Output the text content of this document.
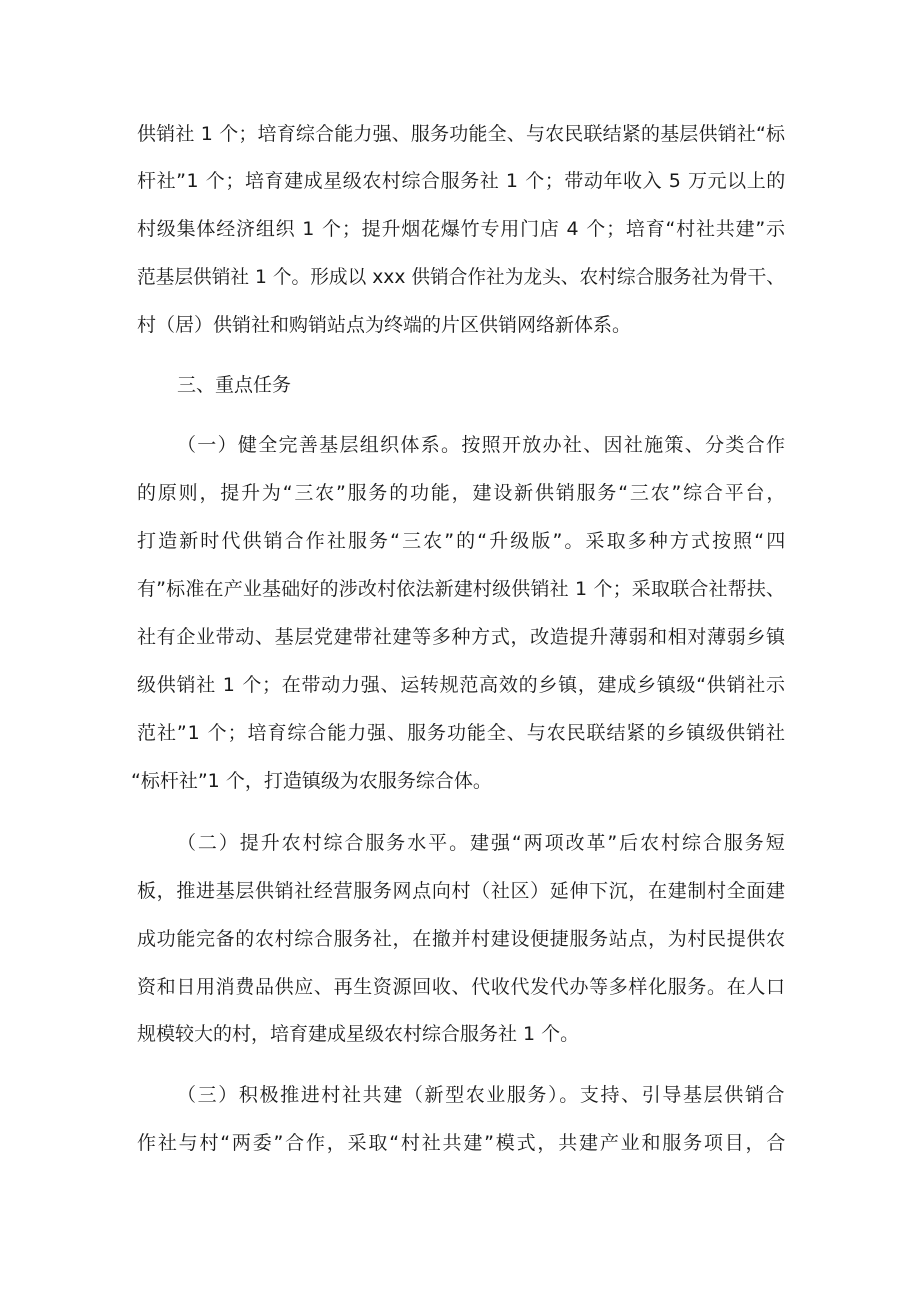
供销社 1 个；培育综合能力强、服务功能全、与农民联结紧的基层供销社“标
杆社”1 个；培育建成星级农村综合服务社 1 个；带动年收入 5 万元以上的
村级集体经济组织 1 个；提升烟花爆竹专用门店 4 个；培育“村社共建”示
范基层供销社 1 个。形成以 xxx 供销合作社为龙头、农村综合服务社为骨干、
村（居）供销社和购销站点为终端的片区供销网络新体系。
三、重点任务
（一）健全完善基层组织体系。按照开放办社、因社施策、分类合作
的原则，提升为“三农”服务的功能，建设新供销服务“三农”综合平台，
打造新时代供销合作社服务“三农”的“升级版”。采取多种方式按照“四
有”标准在产业基础好的涉改村依法新建村级供销社 1 个；采取联合社帮扶、
社有企业带动、基层党建带社建等多种方式，改造提升薄弱和相对薄弱乡镇
级供销社 1 个；在带动力强、运转规范高效的乡镇，建成乡镇级“供销社示
范社”1 个；培育综合能力强、服务功能全、与农民联结紧的乡镇级供销社
“标杆社”1 个，打造镇级为农服务综合体。
（二）提升农村综合服务水平。建强“两项改革”后农村综合服务短
板，推进基层供销社经营服务网点向村（社区）延伸下沉，在建制村全面建
成功能完备的农村综合服务社，在撤并村建设便捷服务站点，为村民提供农
资和日用消费品供应、再生资源回收、代收代发代办等多样化服务。在人口
规模较大的村，培育建成星级农村综合服务社 1 个。
（三）积极推进村社共建（新型农业服务）。支持、引导基层供销合
作社与村“两委”合作，采取“村社共建”模式，共建产业和服务项目，合
